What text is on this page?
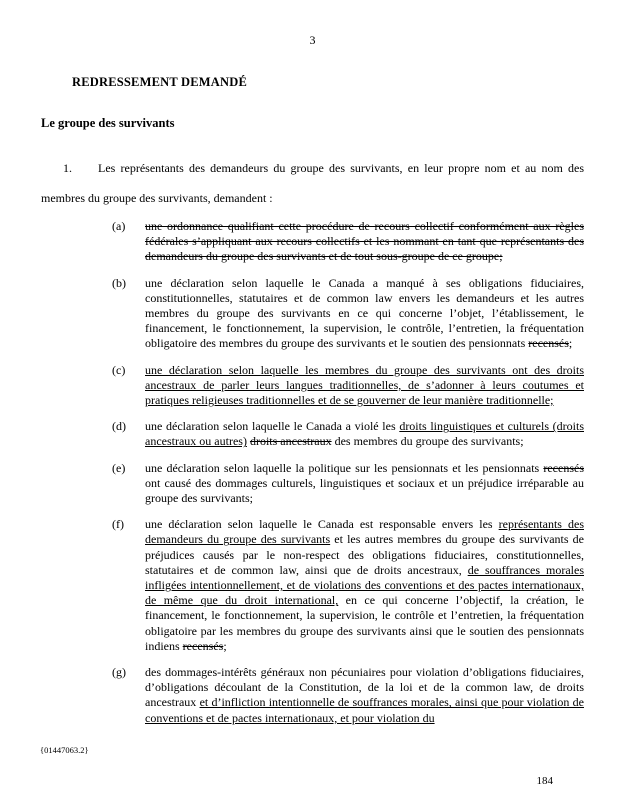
3
REDRESSEMENT DEMANDÉ
Le groupe des survivants

1. Les représentants des demandeurs du groupe des survivants, en leur propre nom et au nom des membres du groupe des survivants, demandent :

(a)	une ordonnance qualifiant cette procédure de recours collectif conformément aux règles fédérales s’appliquant aux recours collectifs et les nommant en tant que représentants des demandeurs du groupe des survivants et de tout sous-groupe de ce groupe;
(b)	une déclaration selon laquelle le Canada a manqué à ses obligations fiduciaires, constitutionnelles, statutaires et de common law envers les demandeurs et les autres membres du groupe des survivants en ce qui concerne l’objet, l’établissement, le financement, le fonctionnement, la supervision, le contrôle, l’entretien, la fréquentation obligatoire des membres du groupe des survivants et le soutien des pensionnats recensés;
(c)	une déclaration selon laquelle les membres du groupe des survivants ont des droits ancestraux de parler leurs langues traditionnelles, de s’adonner à leurs coutumes et pratiques religieuses traditionnelles et de se gouverner de leur manière traditionnelle;
(d)	une déclaration selon laquelle le Canada a violé les droits linguistiques et culturels (droits ancestraux ou autres) droits ancestraux des membres du groupe des survivants;
(e)	une déclaration selon laquelle la politique sur les pensionnats et les pensionnats recensés ont causé des dommages culturels, linguistiques et sociaux et un préjudice irréparable au groupe des survivants;
(f)	une déclaration selon laquelle le Canada est responsable envers les représentants des demandeurs du groupe des survivants et les autres membres du groupe des survivants de préjudices causés par le non-respect des obligations fiduciaires, constitutionnelles, statutaires et de common law, ainsi que de droits ancestraux, de souffrances morales infligées intentionnellement, et de violations des conventions et des pactes internationaux, de même que du droit international, en ce qui concerne l’objectif, la création, le financement, le fonctionnement, la supervision, le contrôle et l’entretien, la fréquentation obligatoire par les membres du groupe des survivants ainsi que le soutien des pensionnats indiens recensés;
(g)	des dommages-intérêts généraux non pécuniaires pour violation d’obligations fiduciaires, d’obligations découlant de la Constitution, de la loi et de la common law, de droits ancestraux et d’infliction intentionnelle de souffrances morales, ainsi que pour violation de conventions et de pactes internationaux, et pour violation du
{01447063.2}
184
